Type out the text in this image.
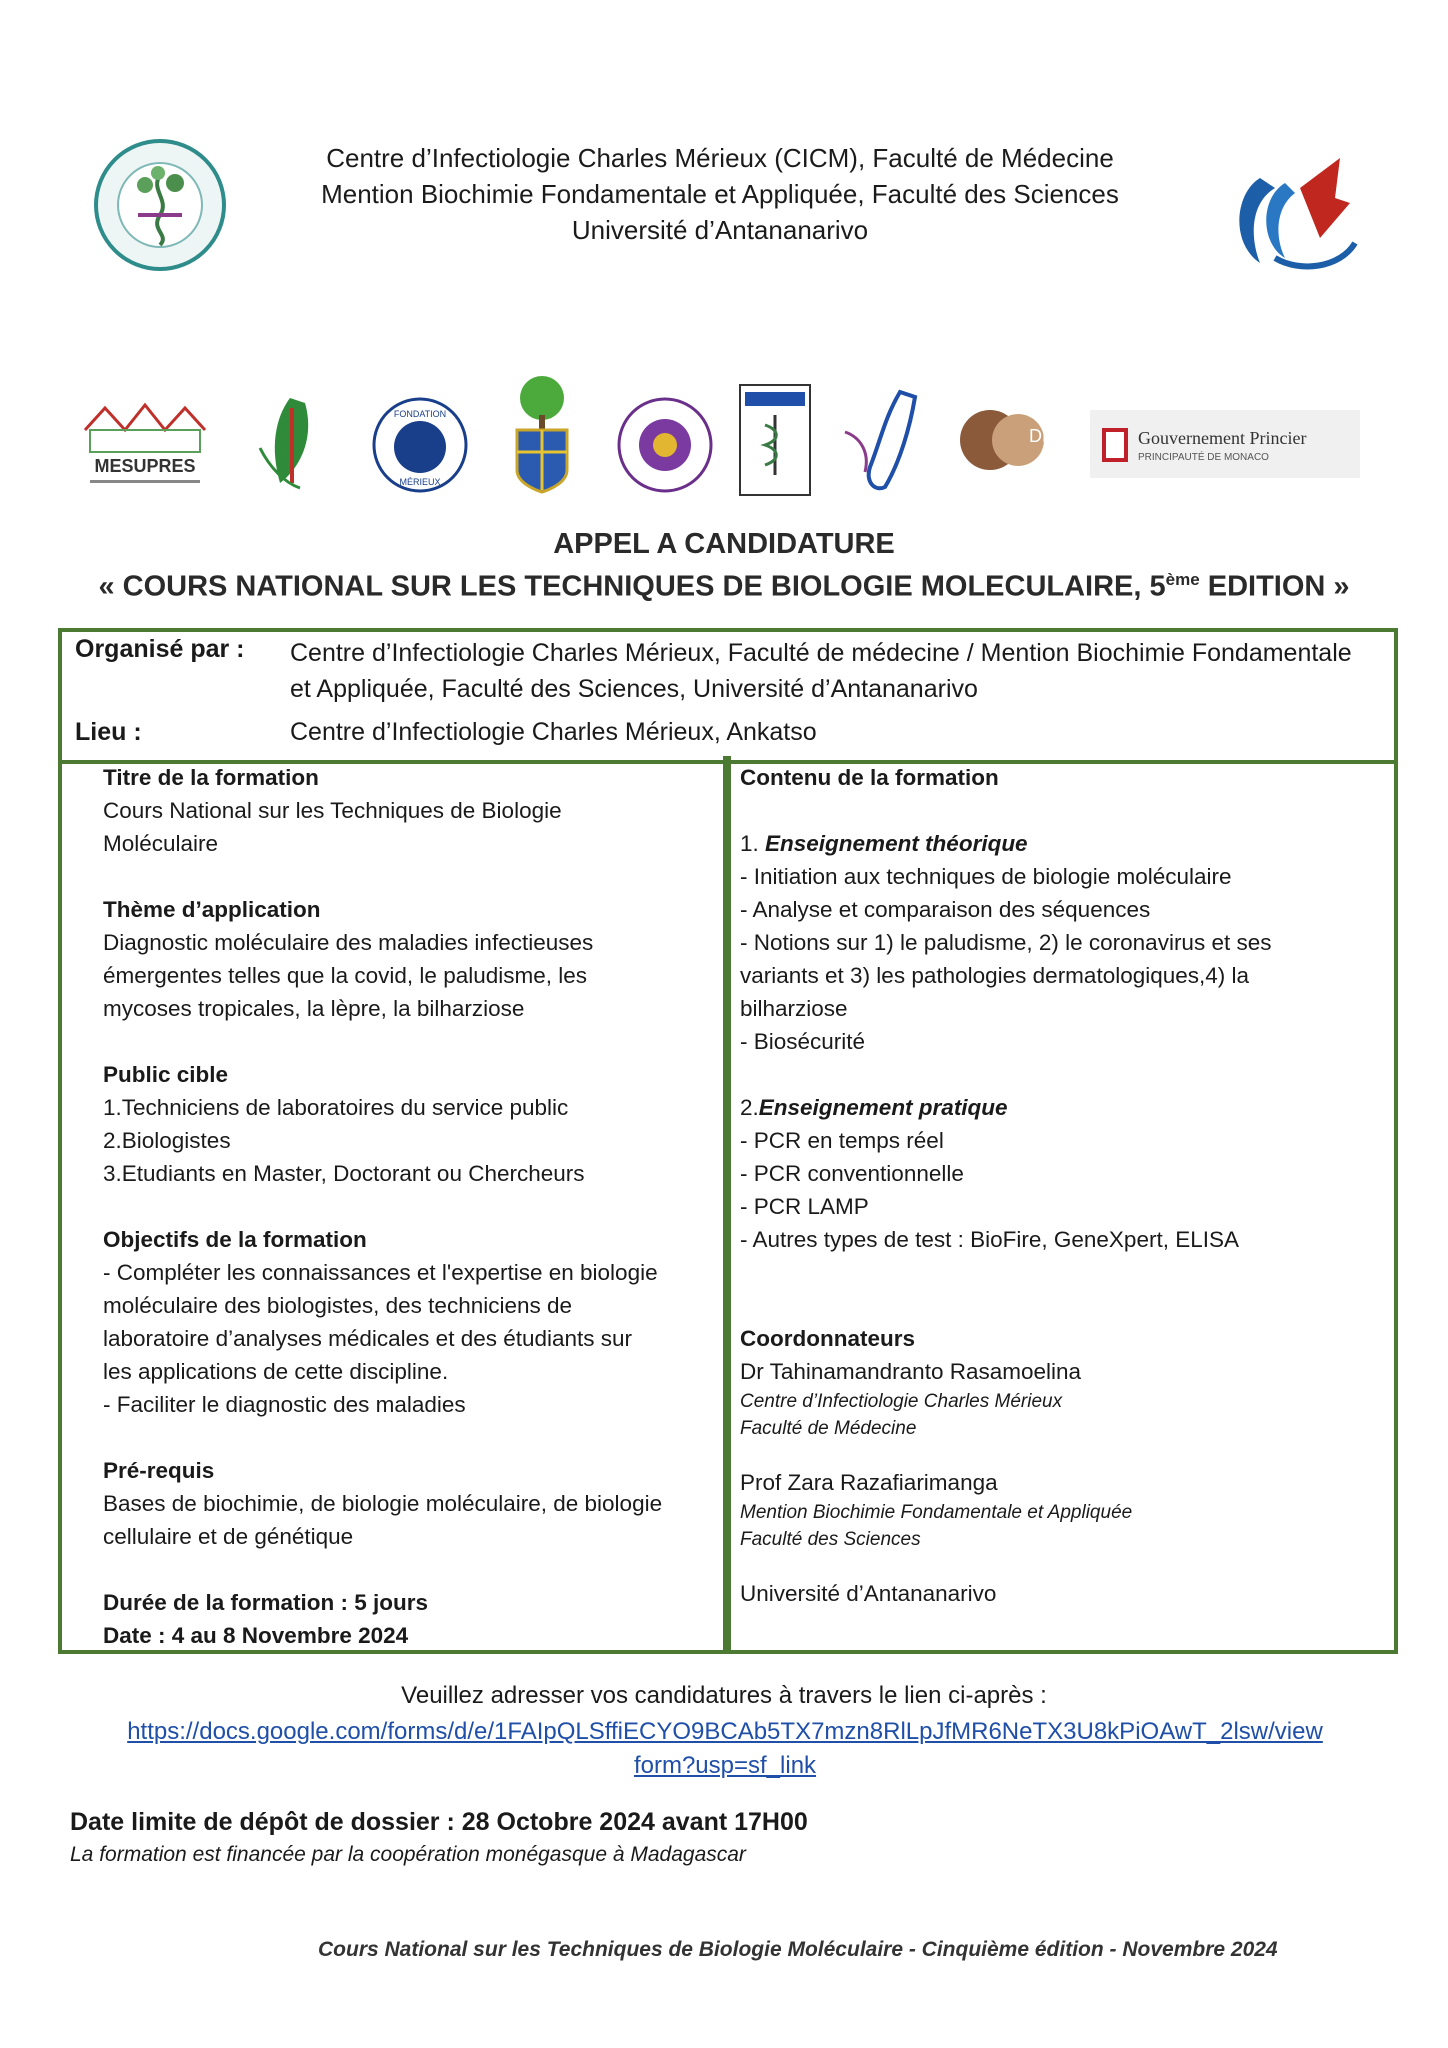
Centre d’Infectiologie Charles Mérieux (CICM), Faculté de Médecine
Mention Biochimie Fondamentale et Appliquée, Faculté des Sciences
Université d’Antananarivo
MESUPRES
FONDATION
MÉRIEUX
DER	Gouvernement Princier
PRINCIPAUTÉ DE MONACO
APPEL A CANDIDATURE
« COURS NATIONAL SUR LES TECHNIQUES DE BIOLOGIE MOLECULAIRE, 5ème EDITION »
Organisé par : Centre d’Infectiologie Charles Mérieux, Faculté de médecine / Mention Biochimie Fondamentale et Appliquée, Faculté des Sciences, Université d’Antananarivo
Lieu :	Centre d’Infectiologie Charles Mérieux, Ankatso
Titre de la formation
Cours National sur les Techniques de Biologie
Moléculaire
Thème d’application
Diagnostic moléculaire des maladies infectieuses
émergentes telles que la covid, le paludisme, les
mycoses tropicales, la lèpre, la bilharziose
Public cible
1.Techniciens de laboratoires du service public
2.Biologistes
3.Etudiants en Master, Doctorant ou Chercheurs
Objectifs de la formation
- Compléter les connaissances et l'expertise en biologie
moléculaire des biologistes, des techniciens de
laboratoire d’analyses médicales et des étudiants sur
les applications de cette discipline.
- Faciliter le diagnostic des maladies
Pré-requis
Bases de biochimie, de biologie moléculaire, de biologie
cellulaire et de génétique
Durée de la formation : 5 jours
Date : 4 au 8 Novembre 2024
Contenu de la formation
1. Enseignement théorique
- Initiation aux techniques de biologie moléculaire
- Analyse et comparaison des séquences
- Notions sur 1) le paludisme, 2) le coronavirus et ses
variants et 3) les pathologies dermatologiques,4) la
bilharziose
- Biosécurité
2.Enseignement pratique
- PCR en temps réel
- PCR conventionnelle
- PCR LAMP
- Autres types de test : BioFire, GeneXpert, ELISA
Coordonnateurs
Dr Tahinamandranto Rasamoelina
Centre d’Infectiologie Charles Mérieux
Faculté de Médecine
Prof Zara Razafiarimanga
Mention Biochimie Fondamentale et Appliquée
Faculté des Sciences
Université d’Antananarivo
Veuillez adresser vos candidatures à travers le lien ci-après :
https://docs.google.com/forms/d/e/1FAIpQLSffiECYO9BCAb5TX7mzn8RlLpJfMR6NeTX3U8kPiOAwT_2lsw/view
form?usp=sf_link
Date limite de dépôt de dossier : 28 Octobre 2024 avant 17H00
La formation est financée par la coopération monégasque à Madagascar
Cours National sur les Techniques de Biologie Moléculaire - Cinquième édition - Novembre 2024
